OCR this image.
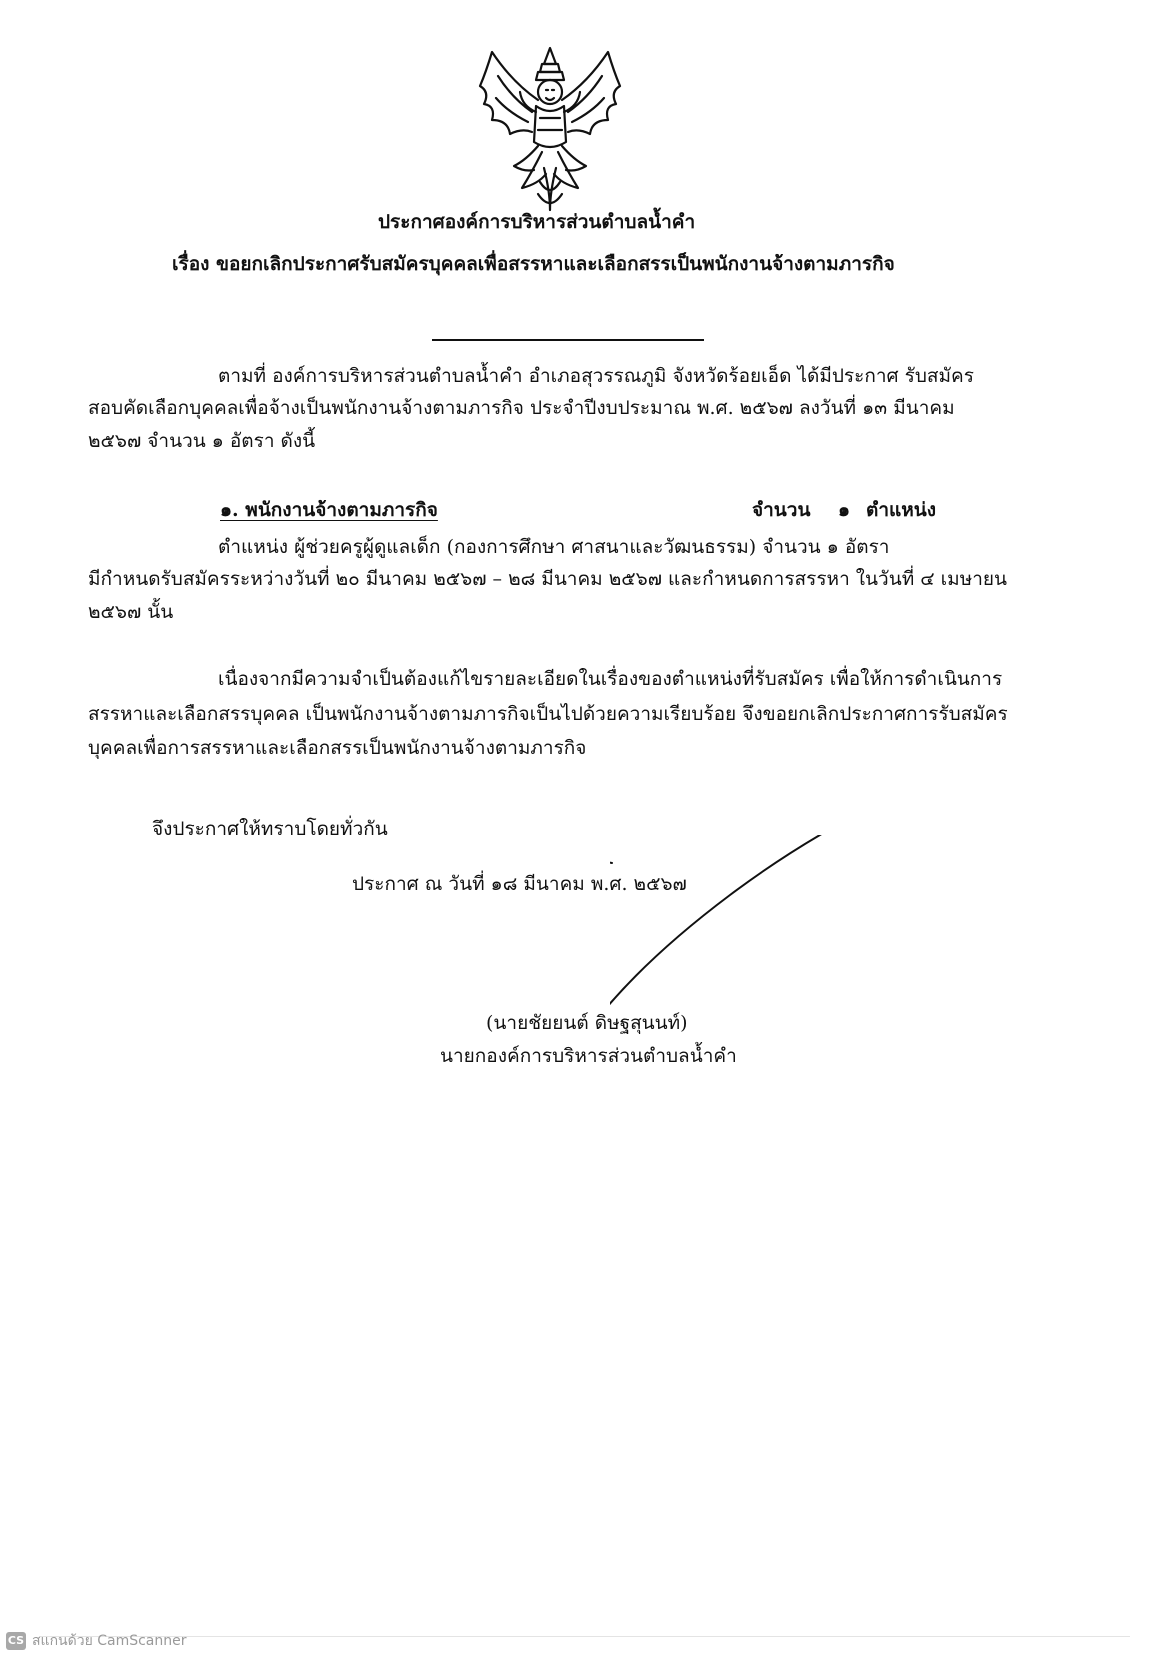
ประกาศองค์การบริหารส่วนตำบลน้ำคำ
เรื่อง ขอยกเลิกประกาศรับสมัครบุคคลเพื่อสรรหาและเลือกสรรเป็นพนักงานจ้างตามภารกิจ
ตามที่ องค์การบริหารส่วนตำบลน้ำคำ อำเภอสุวรรณภูมิ จังหวัดร้อยเอ็ด ได้มีประกาศ รับสมัคร
สอบคัดเลือกบุคคลเพื่อจ้างเป็นพนักงานจ้างตามภารกิจ ประจำปีงบประมาณ พ.ศ. ๒๕๖๗ ลงวันที่ ๑๓ มีนาคม
๒๕๖๗ จำนวน ๑ อัตรา ดังนี้
๑. พนักงานจ้างตามภารกิจ	จำนวน ๑ ตำแหน่ง
ตำแหน่ง ผู้ช่วยครูผู้ดูแลเด็ก (กองการศึกษา ศาสนาและวัฒนธรรม) จำนวน ๑ อัตรา
มีกำหนดรับสมัครระหว่างวันที่ ๒๐ มีนาคม ๒๕๖๗ – ๒๘ มีนาคม ๒๕๖๗ และกำหนดการสรรหา ในวันที่ ๔ เมษายน
๒๕๖๗ นั้น
เนื่องจากมีความจำเป็นต้องแก้ไขรายละเอียดในเรื่องของตำแหน่งที่รับสมัคร เพื่อให้การดำเนินการ
สรรหาและเลือกสรรบุคคล เป็นพนักงานจ้างตามภารกิจเป็นไปด้วยความเรียบร้อย จึงขอยกเลิกประกาศการรับสมัคร
บุคคลเพื่อการสรรหาและเลือกสรรเป็นพนักงานจ้างตามภารกิจ
จึงประกาศให้ทราบโดยทั่วกัน
ประกาศ ณ วันที่ ๑๘ มีนาคม พ.ศ. ๒๕๖๗
(นายชัยยนต์ ดิษฐสุนนท์)
นายกองค์การบริหารส่วนตำบลน้ำคำ
CS สแกนด้วย CamScanner
